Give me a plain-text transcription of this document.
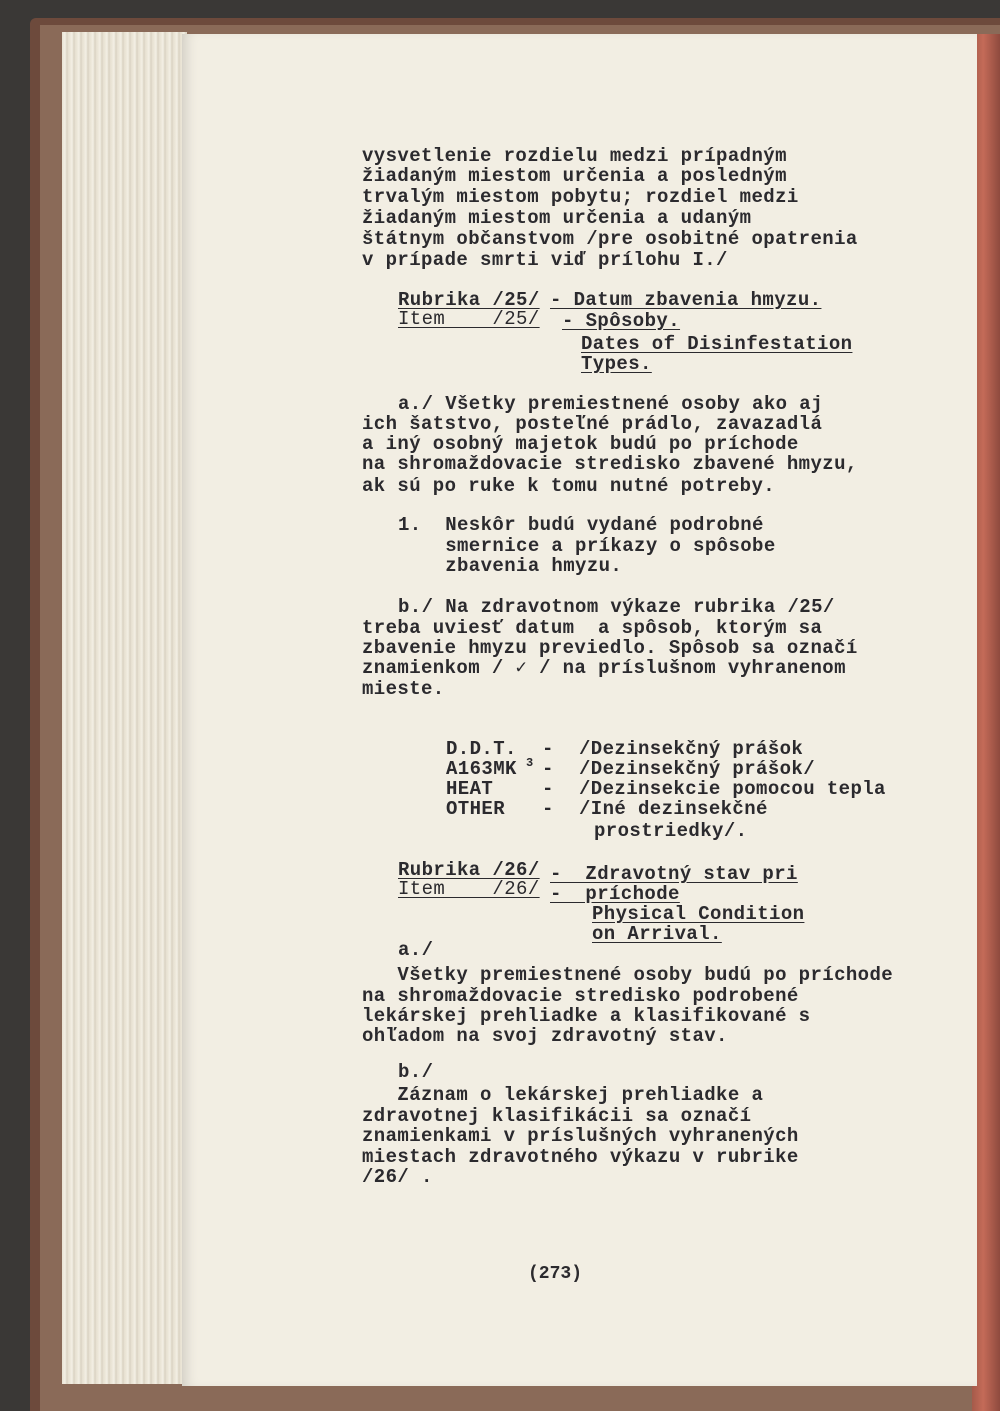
vysvetlenie rozdielu medzi prípadným
žiadaným miestom určenia a posledným
trvalým miestom pobytu; rozdiel medzi
žiadaným miestom určenia a udaným
štátnym občanstvom /pre osobitné opatrenia
v prípade smrti viď prílohu I./
Rubrika /25/
Item    /25/
- Datum zbavenia hmyzu.
- Spôsoby.
Dates of Disinfestation
Types.
a./ Všetky premiestnené osoby ako aj
ich šatstvo, posteľné prádlo, zavazadlá
a iný osobný majetok budú po príchode
na shromaždovacie stredisko zbavené hmyzu,
ak sú po ruke k tomu nutné potreby.
1.  Neskôr budú vydané podrobné
smernice a príkazy o spôsobe
zbavenia hmyzu.
b./ Na zdravotnom výkaze rubrika /25/
treba uviesť datum  a spôsob, ktorým sa
zbavenie hmyzu previedlo. Spôsob sa označí
znamienkom / ✓ / na príslušnom vyhranenom
mieste.
D.D.T. - /Dezinsekčný prášok
A163MK 3 - /Dezinsekčný prášok/
HEAT	- /Dezinsekcie pomocou tepla
OTHER - /Iné dezinsekčné
prostriedky/.
Rubrika /26/
Item    /26/
-  Zdravotný stav pri
-  príchode
Physical Condition
on Arrival.
a./
Všetky premiestnené osoby budú po príchode
na shromaždovacie stredisko podrobené
lekárskej prehliadke a klasifikované s
ohľadom na svoj zdravotný stav.
b./
Záznam o lekárskej prehliadke a
zdravotnej klasifikácii sa označí
znamienkami v príslušných vyhranených
miestach zdravotného výkazu v rubrike
/26/ .
(273)
